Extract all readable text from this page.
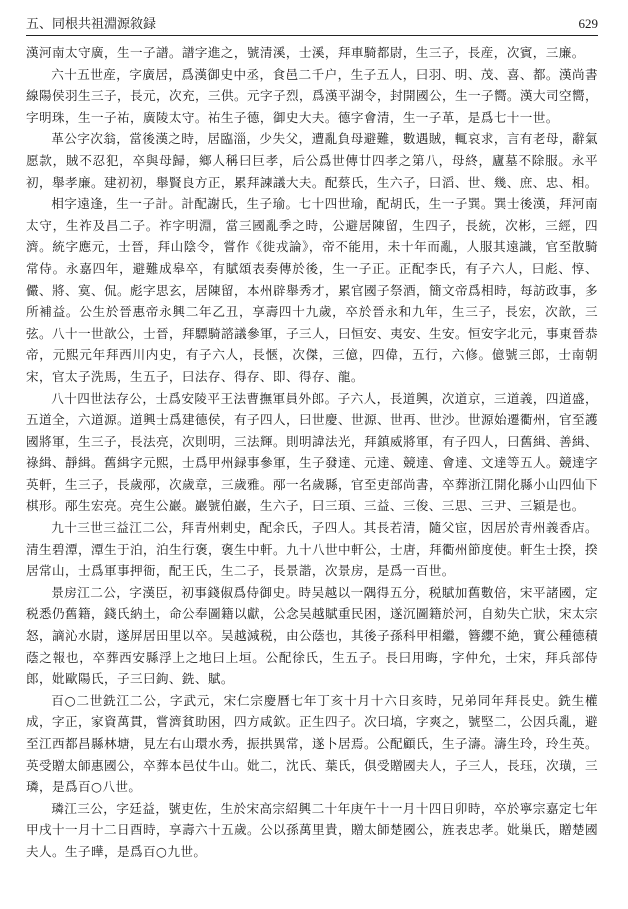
五、同根共祖淵源敘録	629

漢河南太守廣，生一子譜。譜字進之，號清溪，士溪，拜車騎都尉，生三子，長産，次賓，三廉。

六十五世産，字廣居，爲漢御史中丞，食邑二千户，生子五人，曰羽、明、茂、喜、都。漢尚書線陽侯羽生三子，長元，次充，三供。元字子烈，爲漢平湖令，封開國公，生一子嚮。漢大司空嚮，字明珠，生一子祐，廣陵太守。祐生子德，御史大夫。德字會清，生一子革，是爲七十一世。

革公字次翁，當後漢之時，居臨淄，少失父，遭亂負母避難，數遇賊，輒哀求，言有老母，辭氣愿款，賊不忍犯，卒與母歸，鄉人稱曰巨孝，后公爲世傳廿四孝之第八，母終，廬墓不除服。永平初，舉孝廉。建初初，舉賢良方正，累拜諫議大夫。配蔡氏，生六子，曰滔、世、幾、庶、忠、相。

相字遠逢，生一子計。計配謝氏，生子瑜。七十四世瑜，配胡氏，生一子巽。巽士後漢，拜河南太守，生祚及昌二子。祚字明淵，當三國亂季之時，公避居陳留，生四子，長統，次彬，三經，四濟。統字應元，士晉，拜山陰令，嘗作《徙戎論》，帝不能用，未十年而亂，人服其遠識，官至散騎常侍。永嘉四年，避難成皋卒，有賦頌表奏傳於後，生一子正。正配李氏，有子六人，曰彪、惇、儼、將、寞、侃。彪字思玄，居陳留，本州辟舉秀才，累官國子祭酒，簡文帝爲相時，每訪政事，多所補益。公生於晉惠帝永興二年乙丑，享壽四十九歲，卒於晉永和九年，生三子，長宏，次歆，三弦。八十一世歆公，士晉，拜驃騎諮議參軍，子三人，曰恒安、夷安、生安。恒安字北元，事東晉恭帝，元熙元年拜西川内史，有子六人，長愜，次傑，三億，四偉，五行，六修。億號三郎，士南朝宋，官太子洗馬，生五子，曰法存、得存、即、得存、龍。

八十四世法存公，士爲安陵平王法曹撫軍員外郎。子六人，長道興，次道京，三道義，四道盛，五道全，六道源。道興士爲建德侯，有子四人，曰世慶、世源、世再、世沙。世源始遷衢州，官至護國將軍，生三子，長法亮，次則明，三法輝。則明諱法光，拜鎮威將軍，有子四人，曰舊緝、善緝、祿緝、靜緝。舊緝字元熙，士爲甲州録事參軍，生子發達、元達、競達、會達、文達等五人。競達字英軒，生三子，長歲邴，次歲章，三歲雅。邴一名歲縣，官至吏部尚書，卒葬浙江開化縣小山四仙下棋形。邴生宏亮。亮生公巖。巖號伯巖，生六子，曰三頊、三益、三俊、三思、三尹、三穎是也。

九十三世三益江二公，拜青州剌史，配余氏，子四人。其長若清，隨父宦，因居於青州義香店。清生碧潭，潭生于泊，泊生行褒，褒生中軒。九十八世中軒公，士唐，拜衢州節度使。軒生士揆，揆居常山，士爲軍事押衙，配王氏，生二子，長景諧，次景房，是爲一百世。

景房江二公，字漢臣，初事錢俶爲侍御史。時吴越以一隅得五分，税賦加舊數倍，宋平諸國，定税悉仍舊籍，錢氏納土，命公奉圖籍以獻，公念吴越賦重民困，遂沉圖籍於河，自劾失亡狀，宋太宗怒，謫沁水尉，遂屏居田里以卒。吴越減税，由公蔭也，其後子孫科甲相繼，簪纓不絶，實公種德積蔭之報也，卒葬西安縣浮上之地曰上垣。公配徐氏，生五子。長曰用晦，字仲允，士宋，拜兵部侍郎，妣歐陽氏，子三曰鉤、銑、賦。

百○二世銑江二公，字武元，宋仁宗慶曆七年丁亥十月十六日亥時，兄弟同年拜長史。銑生權成，字正，家資萬貫，嘗濟貧助困，四方咸欽。正生四子。次曰塙，字爽之，號堅二，公因兵亂，避至江西都昌縣林塘，見左右山環水秀，振拱異常，遂卜居焉。公配顧氏，生子濤。濤生玲，玲生英。英受贈太師惠國公，卒葬本邑仗牛山。妣二，沈氏、葉氏，俱受贈國夫人，子三人，長珏，次璜，三璘，是爲百○八世。

璘江三公，字廷益，號吏佐，生於宋高宗紹興二十年庚午十一月十四日卯時，卒於寧宗嘉定七年甲戌十一月十二日酉時，享壽六十五歲。公以孫萬里貴，贈太師楚國公，旌表忠孝。妣巢氏，贈楚國夫人。生子曄，是爲百○九世。
